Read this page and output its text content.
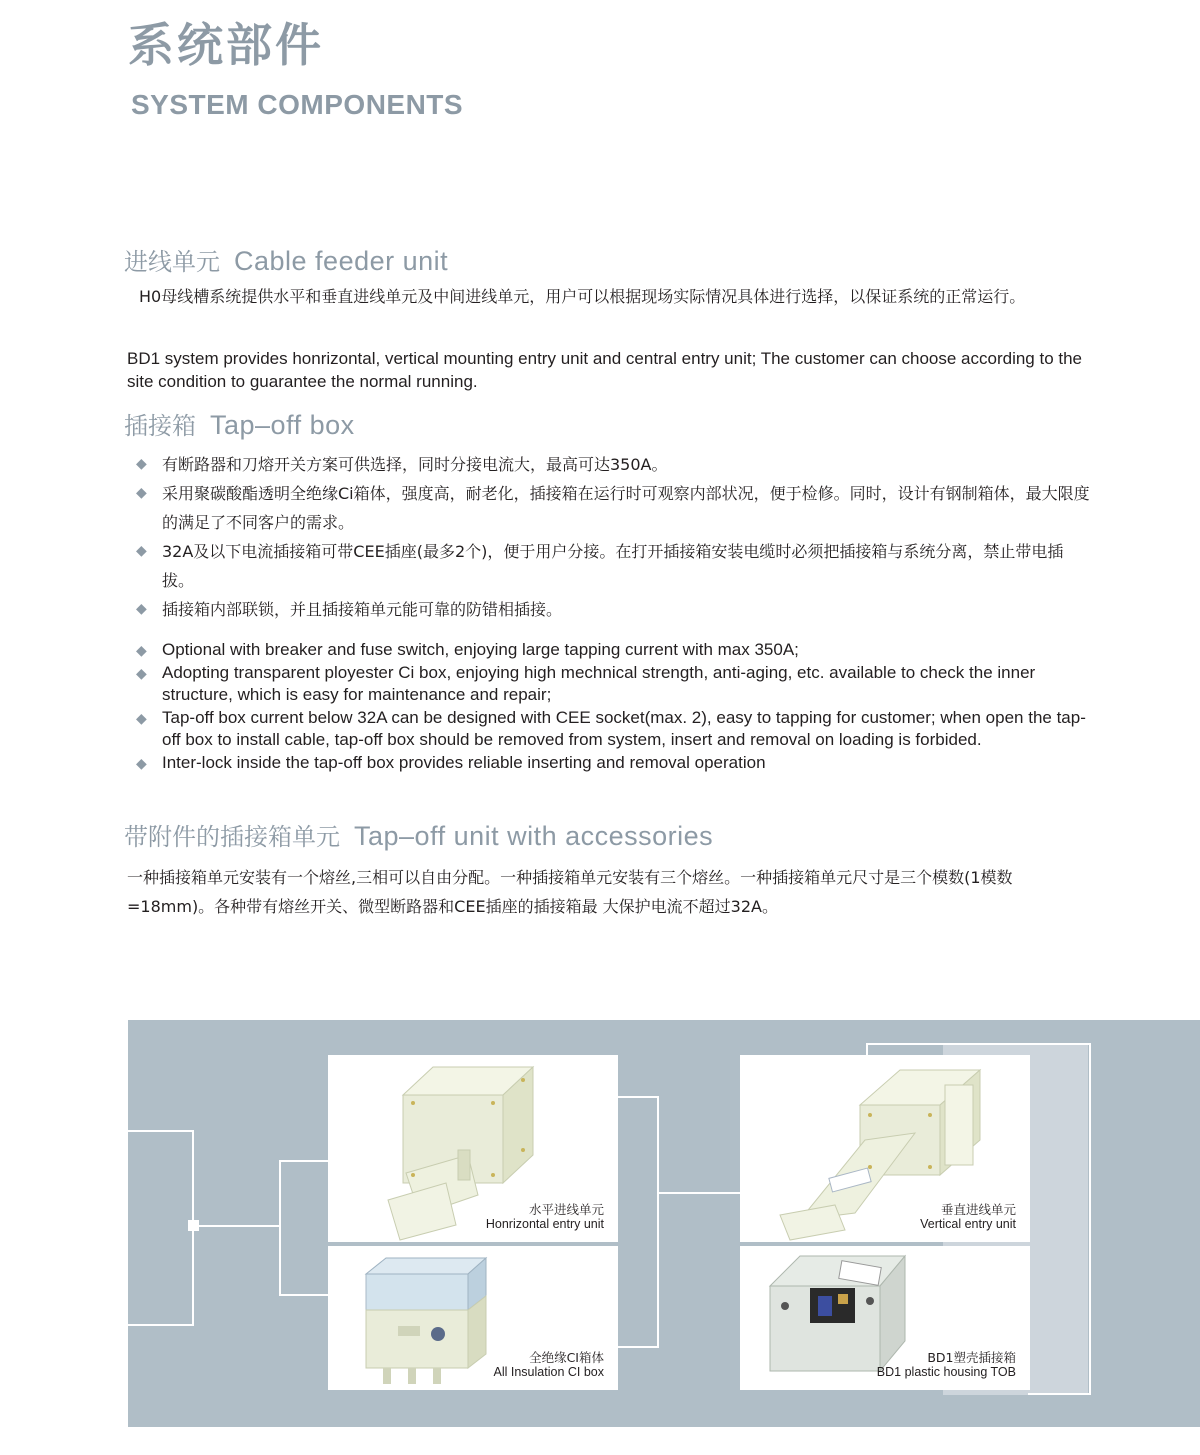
系统部件
SYSTEM COMPONENTS
进线单元 Cable feeder unit
H0母线槽系统提供水平和垂直进线单元及中间进线单元，用户可以根据现场实际情况具体进行选择，以保证系统的正常运行。
BD1 system provides honrizontal, vertical mounting entry unit and central entry unit; The customer can choose according to the site condition to guarantee the normal running.
插接箱 Tap–off box
◆ 有断路器和刀熔开关方案可供选择，同时分接电流大，最高可达350A。
◆ 采用聚碳酸酯透明全绝缘Ci箱体，强度高，耐老化，插接箱在运行时可观察内部状况，便于检修。同时，设计有钢制箱体，最大限度的满足了不同客户的需求。
◆ 32A及以下电流插接箱可带CEE插座(最多2个)，便于用户分接。在打开插接箱安装电缆时必须把插接箱与系统分离，禁止带电插拔。
◆ 插接箱内部联锁，并且插接箱单元能可靠的防错相插接。
◆ Optional with breaker and fuse switch, enjoying large tapping current with max 350A;
◆ Adopting transparent ployester Ci box, enjoying high mechnical strength, anti-aging, etc. available to check the inner structure, which is easy for maintenance and repair;
◆ Tap-off box current below 32A can be designed with CEE socket(max. 2), easy to tapping for customer; when open the tap-off box to install cable, tap-off box should be removed from system, insert and removal on loading is forbided.
◆ Inter-lock inside the tap-off box provides reliable inserting and removal operation
带附件的插接箱单元 Tap–off unit with accessories
一种插接箱单元安装有一个熔丝,三相可以自由分配。一种插接箱单元安装有三个熔丝。一种插接箱单元尺寸是三个模数(1模数=18mm)。各种带有熔丝开关、微型断路器和CEE插座的插接箱最 大保护电流不超过32A。
水平进线单元
Honrizontal entry unit
全绝缘CI箱体
All Insulation CI box
垂直进线单元
Vertical entry unit
BD1塑壳插接箱
BD1 plastic housing TOB
